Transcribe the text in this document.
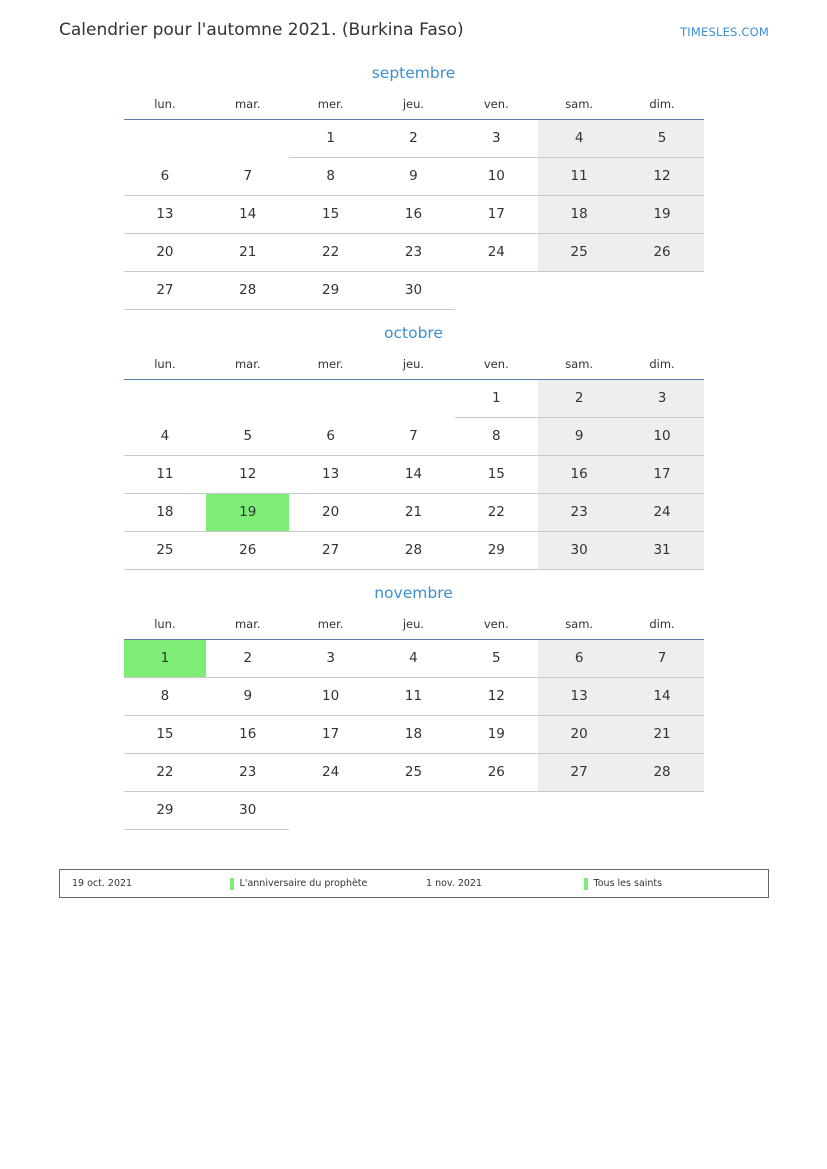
Calendrier pour l'automne 2021. (Burkina Faso)	TIMESLES.COM
septembre
lun.	mar.	mer.	jeu.	ven.	sam.	dim.
		1	2	3	4	5
6	7	8	9	10	11	12
13	14	15	16	17	18	19
20	21	22	23	24	25	26
27	28	29	30			
octobre
lun.	mar.	mer.	jeu.	ven.	sam.	dim.
				1	2	3
4	5	6	7	8	9	10
11	12	13	14	15	16	17
18	19	20	21	22	23	24
25	26	27	28	29	30	31
novembre
lun.	mar.	mer.	jeu.	ven.	sam.	dim.
1	2	3	4	5	6	7
8	9	10	11	12	13	14
15	16	17	18	19	20	21
22	23	24	25	26	27	28
29	30					
19 oct. 2021	L'anniversaire du prophète	1 nov. 2021	Tous les saints
